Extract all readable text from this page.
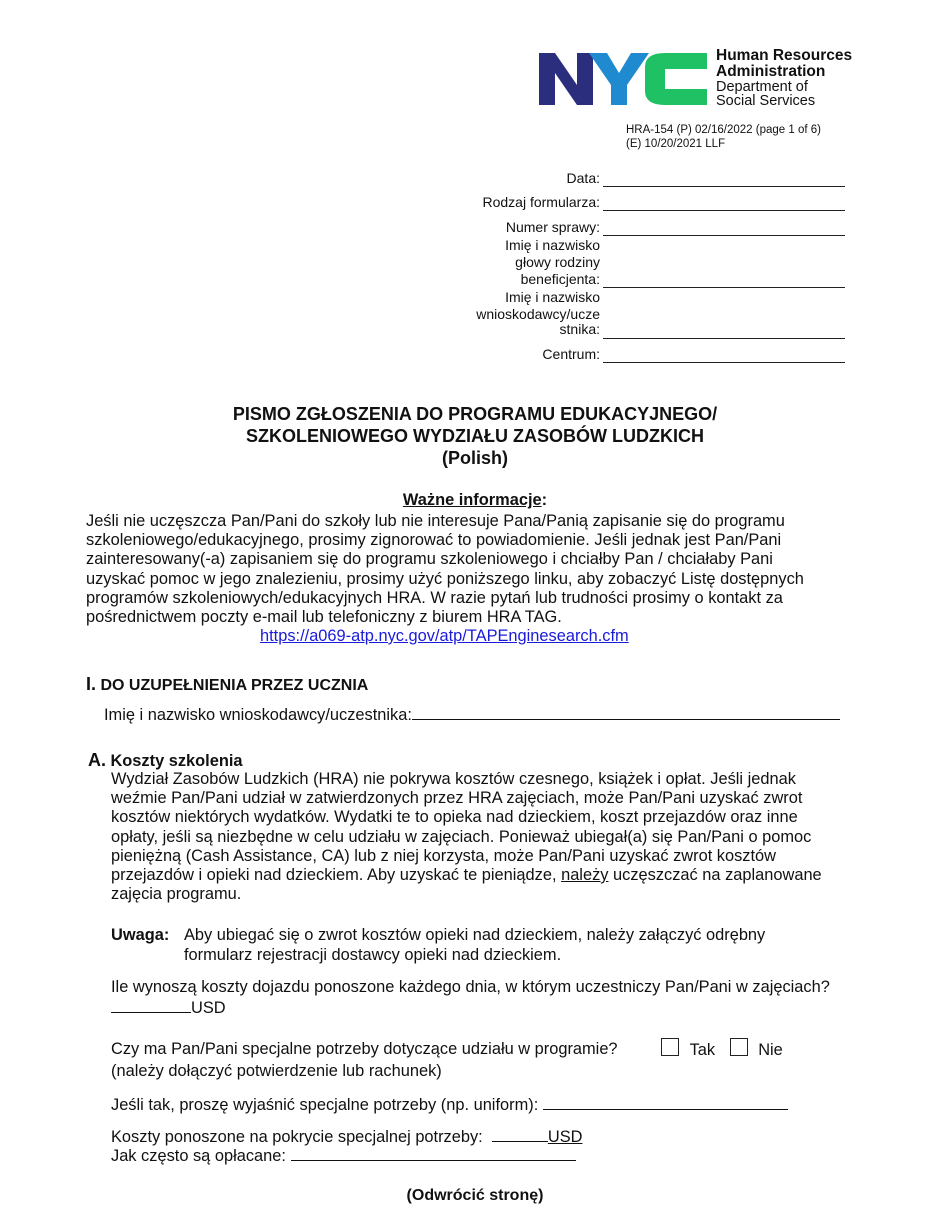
Human Resources
Administration
Department of
Social Services
HRA-154 (P) 02/16/2022 (page 1 of 6)
(E) 10/20/2021 LLF
Data:
Rodzaj formularza:
Numer sprawy:
Imię i nazwisko
głowy rodziny
beneficjenta:
Imię i nazwisko
wnioskodawcy/ucze
stnika:
Centrum:
PISMO ZGŁOSZENIA DO PROGRAMU EDUKACYJNEGO/
SZKOLENIOWEGO WYDZIAŁU ZASOBÓW LUDZKICH
(Polish)
Ważne informacje:
Jeśli nie uczęszcza Pan/Pani do szkoły lub nie interesuje Pana/Panią zapisanie się do programu
szkoleniowego/edukacyjnego, prosimy zignorować to powiadomienie. Jeśli jednak jest Pan/Pani
zainteresowany(-a) zapisaniem się do programu szkoleniowego i chciałby Pan / chciałaby Pani
uzyskać pomoc w jego znalezieniu, prosimy użyć poniższego linku, aby zobaczyć Listę dostępnych
programów szkoleniowych/edukacyjnych HRA. W razie pytań lub trudności prosimy o kontakt za
pośrednictwem poczty e-mail lub telefoniczny z biurem HRA TAG.
https://a069-atp.nyc.gov/atp/TAPEnginesearch.cfm
I. DO UZUPEŁNIENIA PRZEZ UCZNIA
Imię i nazwisko wnioskodawcy/uczestnika:
A. Koszty szkolenia
Wydział Zasobów Ludzkich (HRA) nie pokrywa kosztów czesnego, książek i opłat. Jeśli jednak
weźmie Pan/Pani udział w zatwierdzonych przez HRA zajęciach, może Pan/Pani uzyskać zwrot
kosztów niektórych wydatków. Wydatki te to opieka nad dzieckiem, koszt przejazdów oraz inne
opłaty, jeśli są niezbędne w celu udziału w zajęciach. Ponieważ ubiegał(a) się Pan/Pani o pomoc
pieniężną (Cash Assistance, CA) lub z niej korzysta, może Pan/Pani uzyskać zwrot kosztów
przejazdów i opieki nad dzieckiem. Aby uzyskać te pieniądze, należy uczęszczać na zaplanowane
zajęcia programu.
Uwaga: Aby ubiegać się o zwrot kosztów opieki nad dzieckiem, należy załączyć odrębny
formularz rejestracji dostawcy opieki nad dzieckiem.
Ile wynoszą koszty dojazdu ponoszone każdego dnia, w którym uczestniczy Pan/Pani w zajęciach?
USD
Czy ma Pan/Pani specjalne potrzeby dotyczące udziału w programie?	Tak	Nie
(należy dołączyć potwierdzenie lub rachunek)
Jeśli tak, proszę wyjaśnić specjalne potrzeby (np. uniform):
Koszty ponoszone na pokrycie specjalnej potrzeby:	USD
Jak często są opłacane:
(Odwrócić stronę)
